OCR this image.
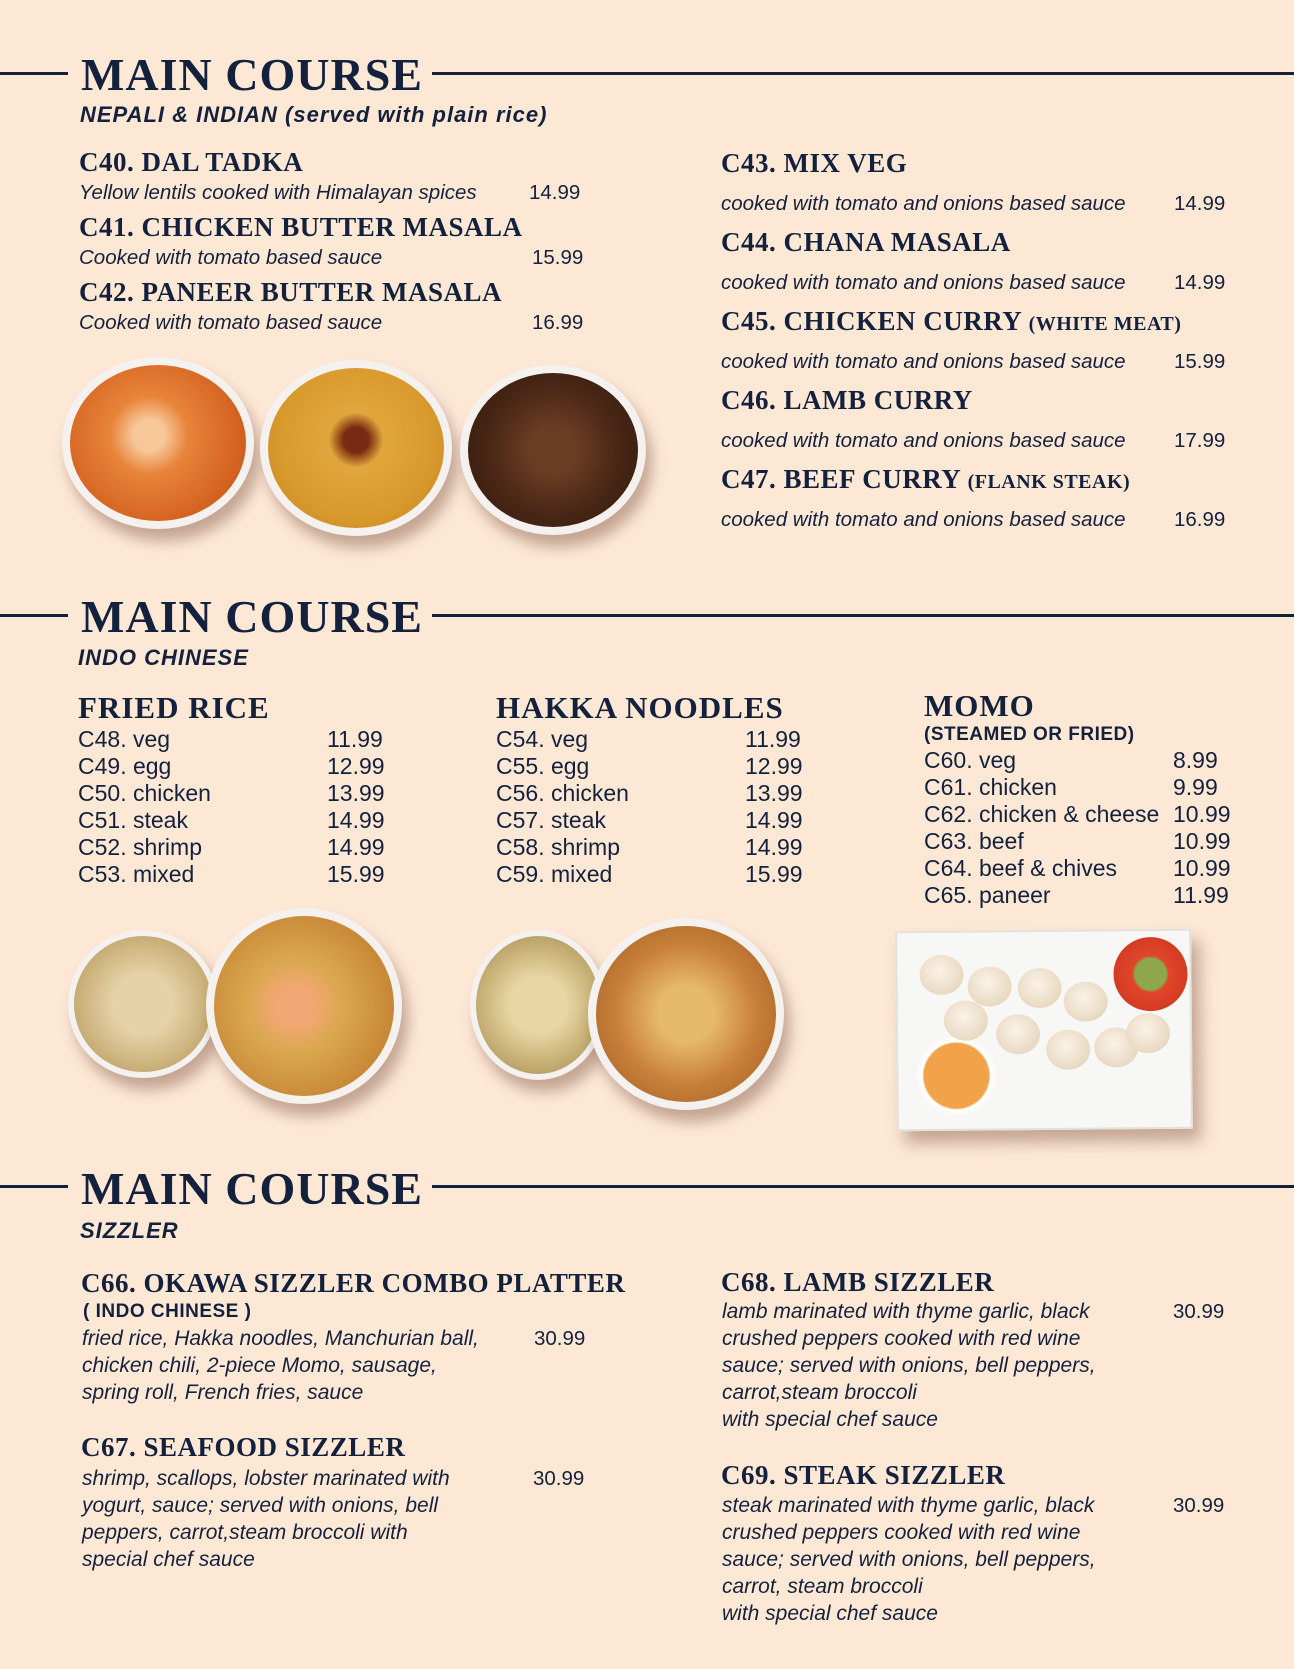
MAIN COURSE
NEPALI & INDIAN (served with plain rice)
C40. DAL TADKA
Yellow lentils cooked with Himalayan spices	14.99
C41. CHICKEN BUTTER MASALA
Cooked with tomato based sauce	15.99
C42. PANEER BUTTER MASALA
Cooked with tomato based sauce	16.99
C43. MIX VEG
cooked with tomato and onions based sauce 14.99
C44. CHANA MASALA
cooked with tomato and onions based sauce 14.99
C45. CHICKEN CURRY (WHITE MEAT)
cooked with tomato and onions based sauce 15.99
C46. LAMB CURRY
cooked with tomato and onions based sauce 17.99
C47. BEEF CURRY (FLANK STEAK)
cooked with tomato and onions based sauce 16.99
MAIN COURSE
INDO CHINESE
FRIED RICE
C48. veg	11.99
C49. egg	12.99
C50. chicken	13.99
C51. steak	14.99
C52. shrimp	14.99
C53. mixed	15.99
HAKKA NOODLES
C54. veg	11.99
C55. egg	12.99
C56. chicken	13.99
C57. steak	14.99
C58. shrimp	14.99
C59. mixed	15.99
MOMO
(STEAMED OR FRIED)
C60. veg	8.99
C61. chicken	9.99
C62. chicken & cheese 10.99
C63. beef	10.99
C64. beef & chives 10.99
C65. paneer	11.99
MAIN COURSE
SIZZLER
C66. OKAWA SIZZLER COMBO PLATTER
( INDO CHINESE )
fried rice, Hakka noodles, Manchurian ball,
chicken chili, 2-piece Momo, sausage,
spring roll, French fries, sauce
30.99
C67. SEAFOOD SIZZLER
shrimp, scallops, lobster marinated with
yogurt, sauce; served with onions, bell
peppers, carrot,steam broccoli with
special chef sauce
30.99
C68. LAMB SIZZLER
lamb marinated with thyme garlic, black
crushed peppers cooked with red wine
sauce; served with onions, bell peppers,
carrot,steam broccoli
with special chef sauce
30.99
C69. STEAK SIZZLER
steak marinated with thyme garlic, black
crushed peppers cooked with red wine
sauce; served with onions, bell peppers,
carrot, steam broccoli
with special chef sauce
30.99
